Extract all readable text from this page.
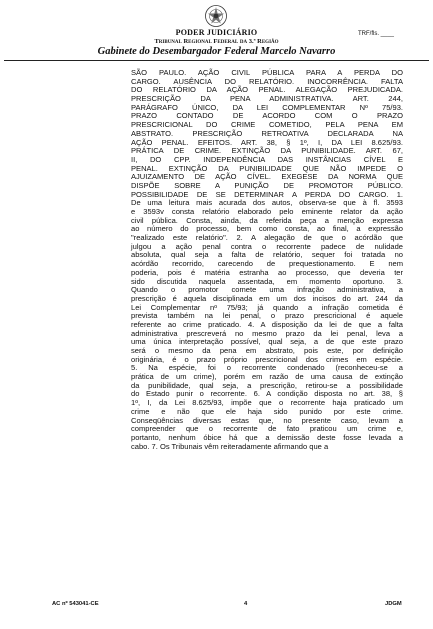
PODER JUDICIÁRIO
Tribunal Regional Federal da 3.ª Região
Gabinete do Desembargador Federal Marcelo Navarro
TRF/fls. ____

SÃO PAULO. AÇÃO CIVIL PÚBLICA PARA A PERDA DO
CARGO. AUSÊNCIA DO RELATÓRIO. INOCORRÊNCIA. FALTA
DO RELATÓRIO DA AÇÃO PENAL. ALEGAÇÃO PREJUDICADA.
PRESCRIÇÃO DA PENA ADMINISTRATIVA. ART. 244,
PARÁGRAFO ÚNICO, DA LEI COMPLEMENTAR Nº 75/93.
PRAZO CONTADO DE ACORDO COM O PRAZO
PRESCRICIONAL DO CRIME COMETIDO, PELA PENA EM
ABSTRATO. PRESCRIÇÃO RETROATIVA DECLARADA NA
AÇÃO PENAL. EFEITOS. ART. 38, § 1º, I, DA LEI 8.625/93.
PRÁTICA DE CRIME. EXTINÇÃO DA PUNIBILIDADE. ART. 67,
II, DO CPP. INDEPENDÊNCIA DAS INSTÂNCIAS CÍVEL E
PENAL. EXTINÇÃO DA PUNIBILIDADE QUE NÃO IMPEDE O
AJUIZAMENTO DE AÇÃO CÍVEL. EXEGESE DA NORMA QUE
DISPÕE SOBRE A PUNIÇÃO DE PROMOTOR PÚBLICO.
POSSIBILIDADE DE SE DETERMINAR A PERDA DO CARGO. 1.
De uma leitura mais acurada dos autos, observa-se que à fl. 3593
e 3593v consta relatório elaborado pelo eminente relator da ação
civil pública. Consta, ainda, da referida peça a menção expressa
ao número do processo, bem como consta, ao final, a expressão
"realizado este relatório". 2. A alegação de que o acórdão que
julgou a ação penal contra o recorrente padece de nulidade
absoluta, qual seja a falta de relatório, sequer foi tratada no
acórdão recorrido, carecendo de prequestionamento. E nem
poderia, pois é matéria estranha ao processo, que deveria ter
sido discutida naquela assentada, em momento oportuno. 3.
Quando o promotor comete uma infração administrativa, a
prescrição é aquela disciplinada em um dos incisos do art. 244 da
Lei Complementar nº 75/93; já quando a infração cometida é
prevista também na lei penal, o prazo prescricional é aquele
referente ao crime praticado. 4. A disposição da lei de que a falta
administrativa prescreverá no mesmo prazo da lei penal, leva a
uma única interpretação possível, qual seja, a de que este prazo
será o mesmo da pena em abstrato, pois este, por definição
originária, é o prazo próprio prescricional dos crimes em espécie.
5. Na espécie, foi o recorrente condenado (reconheceu-se a
prática de um crime), porém em razão de uma causa de extinção
da punibilidade, qual seja, a prescrição, retirou-se a possibilidade
do Estado punir o recorrente. 6. A condição disposta no art. 38, §
1º, I, da Lei 8.625/93, impõe que o recorrente haja praticado um
crime e não que ele haja sido punido por este crime.
Conseqüências diversas estas que, no presente caso, levam a
compreender que o recorrente de fato praticou um crime e,
portanto, nenhum óbice há que a demissão deste fosse levada a
cabo. 7. Os Tribunais vêm reiteradamente afirmando que a

AC nº 543041-CE	4	JDGM
